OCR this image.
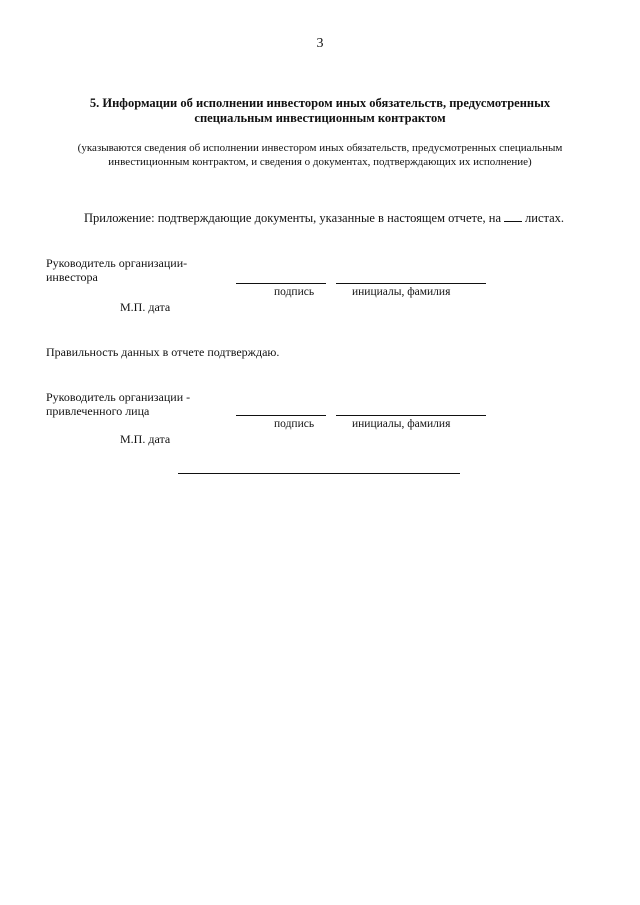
3
5. Информации об исполнении инвестором иных обязательств, предусмотренных специальным инвестиционным контрактом
(указываются сведения об исполнении инвестором иных обязательств, предусмотренных специальным инвестиционным контрактом, и сведения о документах, подтверждающих их исполнение)
Приложение: подтверждающие документы, указанные в настоящем отчете, на листах.
Руководитель организации-
инвестора
подпись	инициалы, фамилия
М.П. дата
Правильность данных в отчете подтверждаю.
Руководитель организации -
привлеченного лица
подпись	инициалы, фамилия
М.П. дата
